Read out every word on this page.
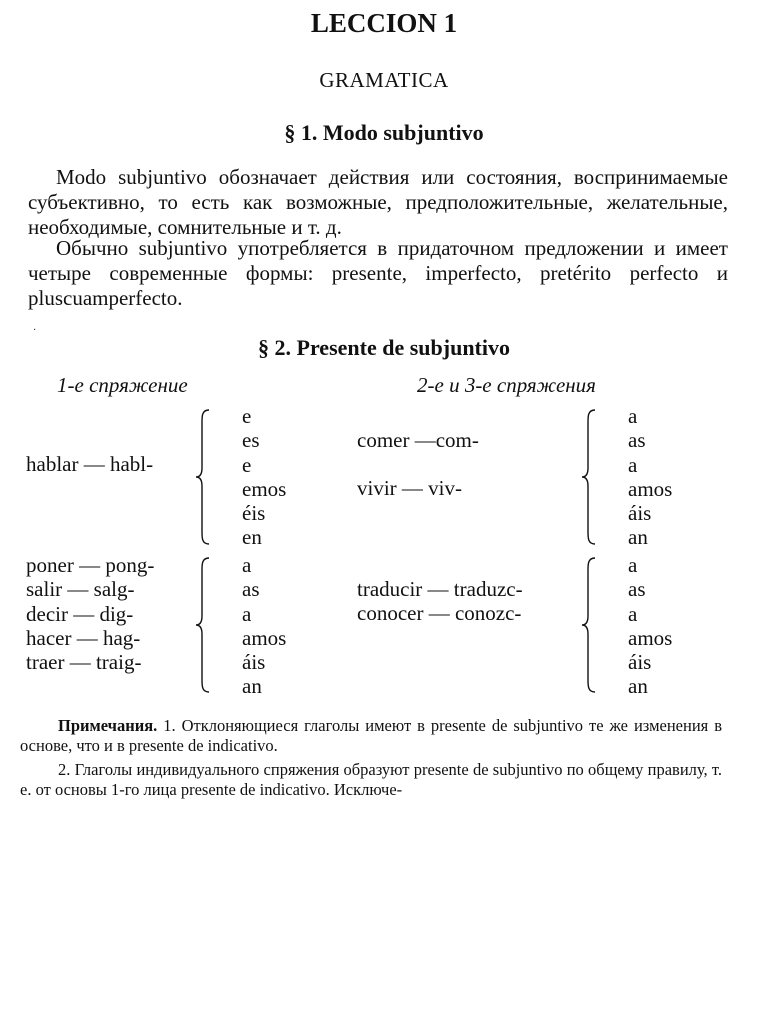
LECCION 1
GRAMATICA
§ 1. Modo subjuntivo

Modo subjuntivo обозначает действия или состояния, воспринимаемые субъективно, то есть как возможные, предположительные, желательные, необходимые, сомнительные и т. д.

Обычно subjuntivo употребляется в придаточном предложении и имеет четыре современные формы: presente, imperfecto, pretérito perfecto и pluscuamperfecto.

·
§ 2. Presente de subjuntivo
1-е спряжение	2-е и 3-е спряжения
hablar — habl-
e
es
e
emos
éis
en
comer —com-
vivir — viv-
a
as
a
amos
áis
an
poner — pong-
salir — salg-
decir — dig-
hacer — hag-
traer — traig-
a
as
a
amos
áis
an
traducir — traduzc-
conocer — conozc-
a
as
a
amos
áis
an

Примечания. 1. Отклоняющиеся глаголы имеют в presente de subjuntivo те же изменения в основе, что и в presente de indicativo.

2. Глаголы индивидуального спряжения образуют presente de subjuntivo по общему правилу, т. е. от основы 1-го лица presente de indicativo. Исключе-
